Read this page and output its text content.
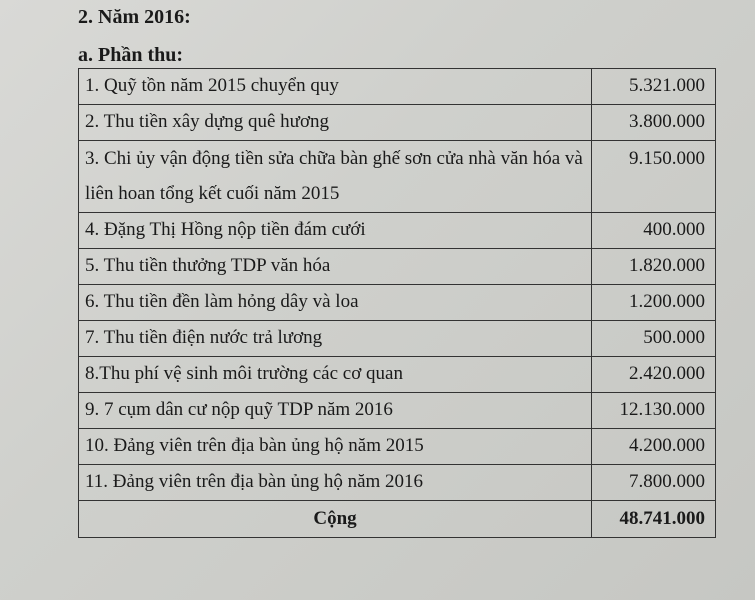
2. Năm 2016:
a. Phần thu:
1. Quỹ tồn năm 2015 chuyển quy	5.321.000
2. Thu tiền xây dựng quê hương	3.800.000
3. Chi ủy vận động tiền sửa chữa bàn ghế sơn cửa nhà văn hóa và liên hoan tổng kết cuối năm 2015	9.150.000
4. Đặng Thị Hồng nộp tiền đám cưới	400.000
5. Thu tiền thưởng TDP văn hóa	1.820.000
6. Thu tiền đền làm hỏng dây và loa	1.200.000
7. Thu tiền điện nước trả lương	500.000
8.Thu phí vệ sinh môi trường các cơ quan	2.420.000
9. 7 cụm dân cư nộp quỹ TDP năm 2016	12.130.000
10. Đảng viên trên địa bàn ủng hộ năm 2015	4.200.000
11. Đảng viên trên địa bàn ủng hộ năm 2016	7.800.000
Cộng	48.741.000
